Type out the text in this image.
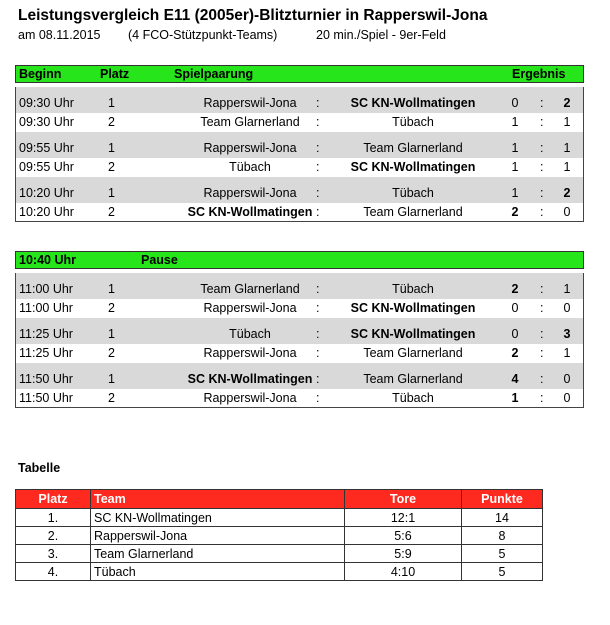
Leistungsvergleich E11 (2005er)-Blitzturnier in Rapperswil-Jona
am 08.11.2015 (4 FCO-Stützpunkt-Teams)	20 min./Spiel - 9er-Feld
Beginn	Platz	Spielpaarung	Ergebnis
09:30 Uhr	1	Rapperswil-Jona	:	SC KN-Wollmatingen	0 : 2
09:30 Uhr	2	Team Glarnerland	:	Tübach	1 : 1
09:55 Uhr	1	Rapperswil-Jona	:	Team Glarnerland	1 : 1
09:55 Uhr	2	Tübach	:	SC KN-Wollmatingen	1 : 1
10:20 Uhr	1	Rapperswil-Jona	:	Tübach	1 : 2
10:20 Uhr	2	SC KN-Wollmatingen :	Team Glarnerland	2 : 0
10:40 Uhr	Pause
11:00 Uhr	1	Team Glarnerland	:	Tübach	2 : 1
11:00 Uhr	2	Rapperswil-Jona	:	SC KN-Wollmatingen	0 : 0
11:25 Uhr	1	Tübach	:	SC KN-Wollmatingen	0 : 3
11:25 Uhr	2	Rapperswil-Jona	:	Team Glarnerland	2 : 1
11:50 Uhr	1	SC KN-Wollmatingen :	Team Glarnerland	4 : 0
11:50 Uhr	2	Rapperswil-Jona	:	Tübach	1 : 0
Tabelle
Platz	Team	Tore	Punkte
1.	SC KN-Wollmatingen	12:1	14
2.	Rapperswil-Jona	5:6	8
3.	Team Glarnerland	5:9	5
4.	Tübach	4:10	5
